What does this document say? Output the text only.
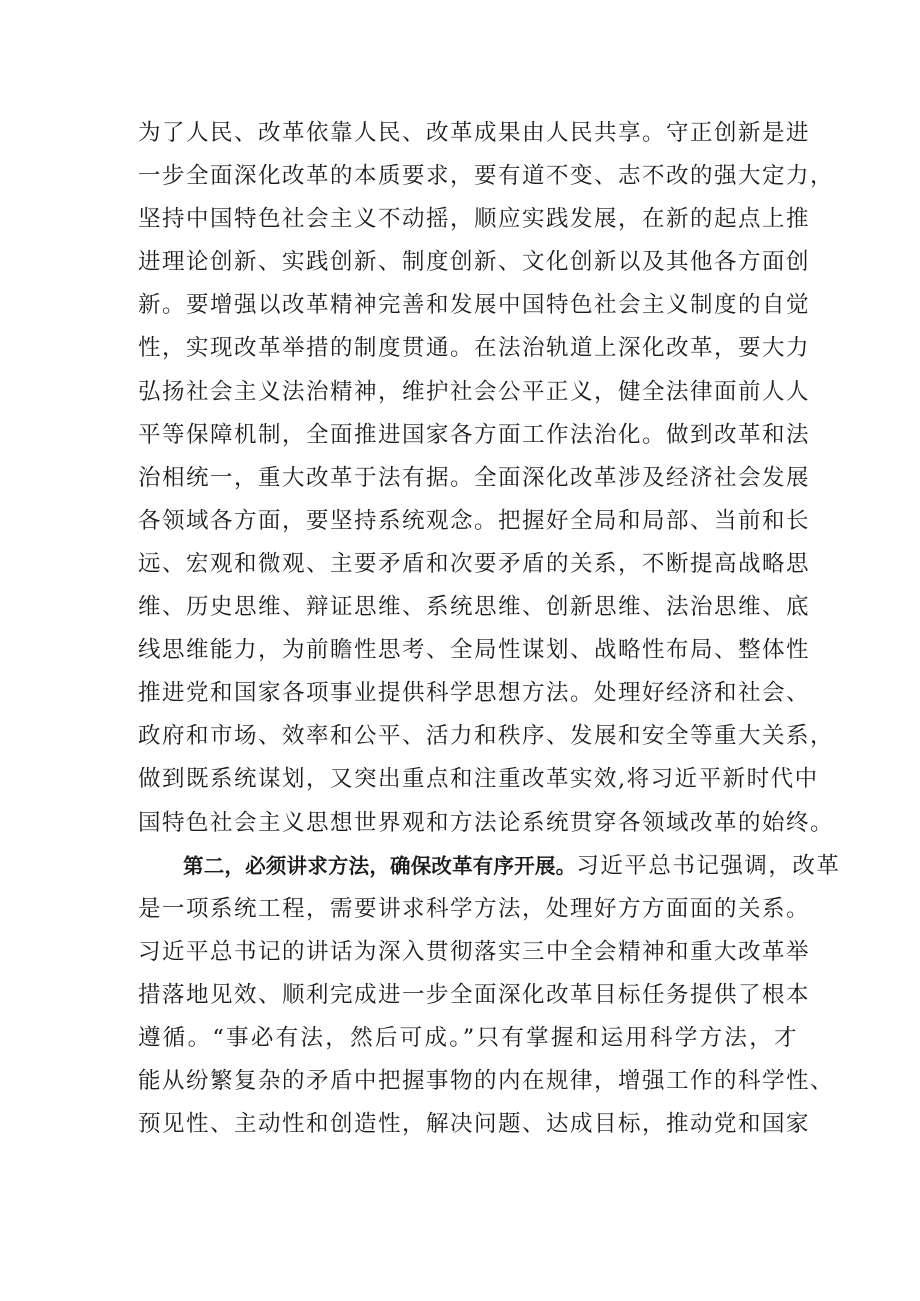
为了人民、改革依靠人民、改革成果由人民共享。守正创新是进
一步全面深化改革的本质要求，要有道不变、志不改的强大定力，
坚持中国特色社会主义不动摇，顺应实践发展，在新的起点上推
进理论创新、实践创新、制度创新、文化创新以及其他各方面创
新。要增强以改革精神完善和发展中国特色社会主义制度的自觉
性，实现改革举措的制度贯通。在法治轨道上深化改革，要大力
弘扬社会主义法治精神，维护社会公平正义，健全法律面前人人
平等保障机制，全面推进国家各方面工作法治化。做到改革和法
治相统一，重大改革于法有据。全面深化改革涉及经济社会发展
各领域各方面，要坚持系统观念。把握好全局和局部、当前和长
远、宏观和微观、主要矛盾和次要矛盾的关系，不断提高战略思
维、历史思维、辩证思维、系统思维、创新思维、法治思维、底
线思维能力，为前瞻性思考、全局性谋划、战略性布局、整体性
推进党和国家各项事业提供科学思想方法。处理好经济和社会、
政府和市场、效率和公平、活力和秩序、发展和安全等重大关系，
做到既系统谋划，又突出重点和注重改革实效,将习近平新时代中
国特色社会主义思想世界观和方法论系统贯穿各领域改革的始终。
第二，必须讲求方法，确保改革有序开展。习近平总书记强调，改革
是一项系统工程，需要讲求科学方法，处理好方方面面的关系。
习近平总书记的讲话为深入贯彻落实三中全会精神和重大改革举
措落地见效、顺利完成进一步全面深化改革目标任务提供了根本
遵循。“事必有法，然后可成。”只有掌握和运用科学方法，才
能从纷繁复杂的矛盾中把握事物的内在规律，增强工作的科学性、
预见性、主动性和创造性，解决问题、达成目标，推动党和国家
